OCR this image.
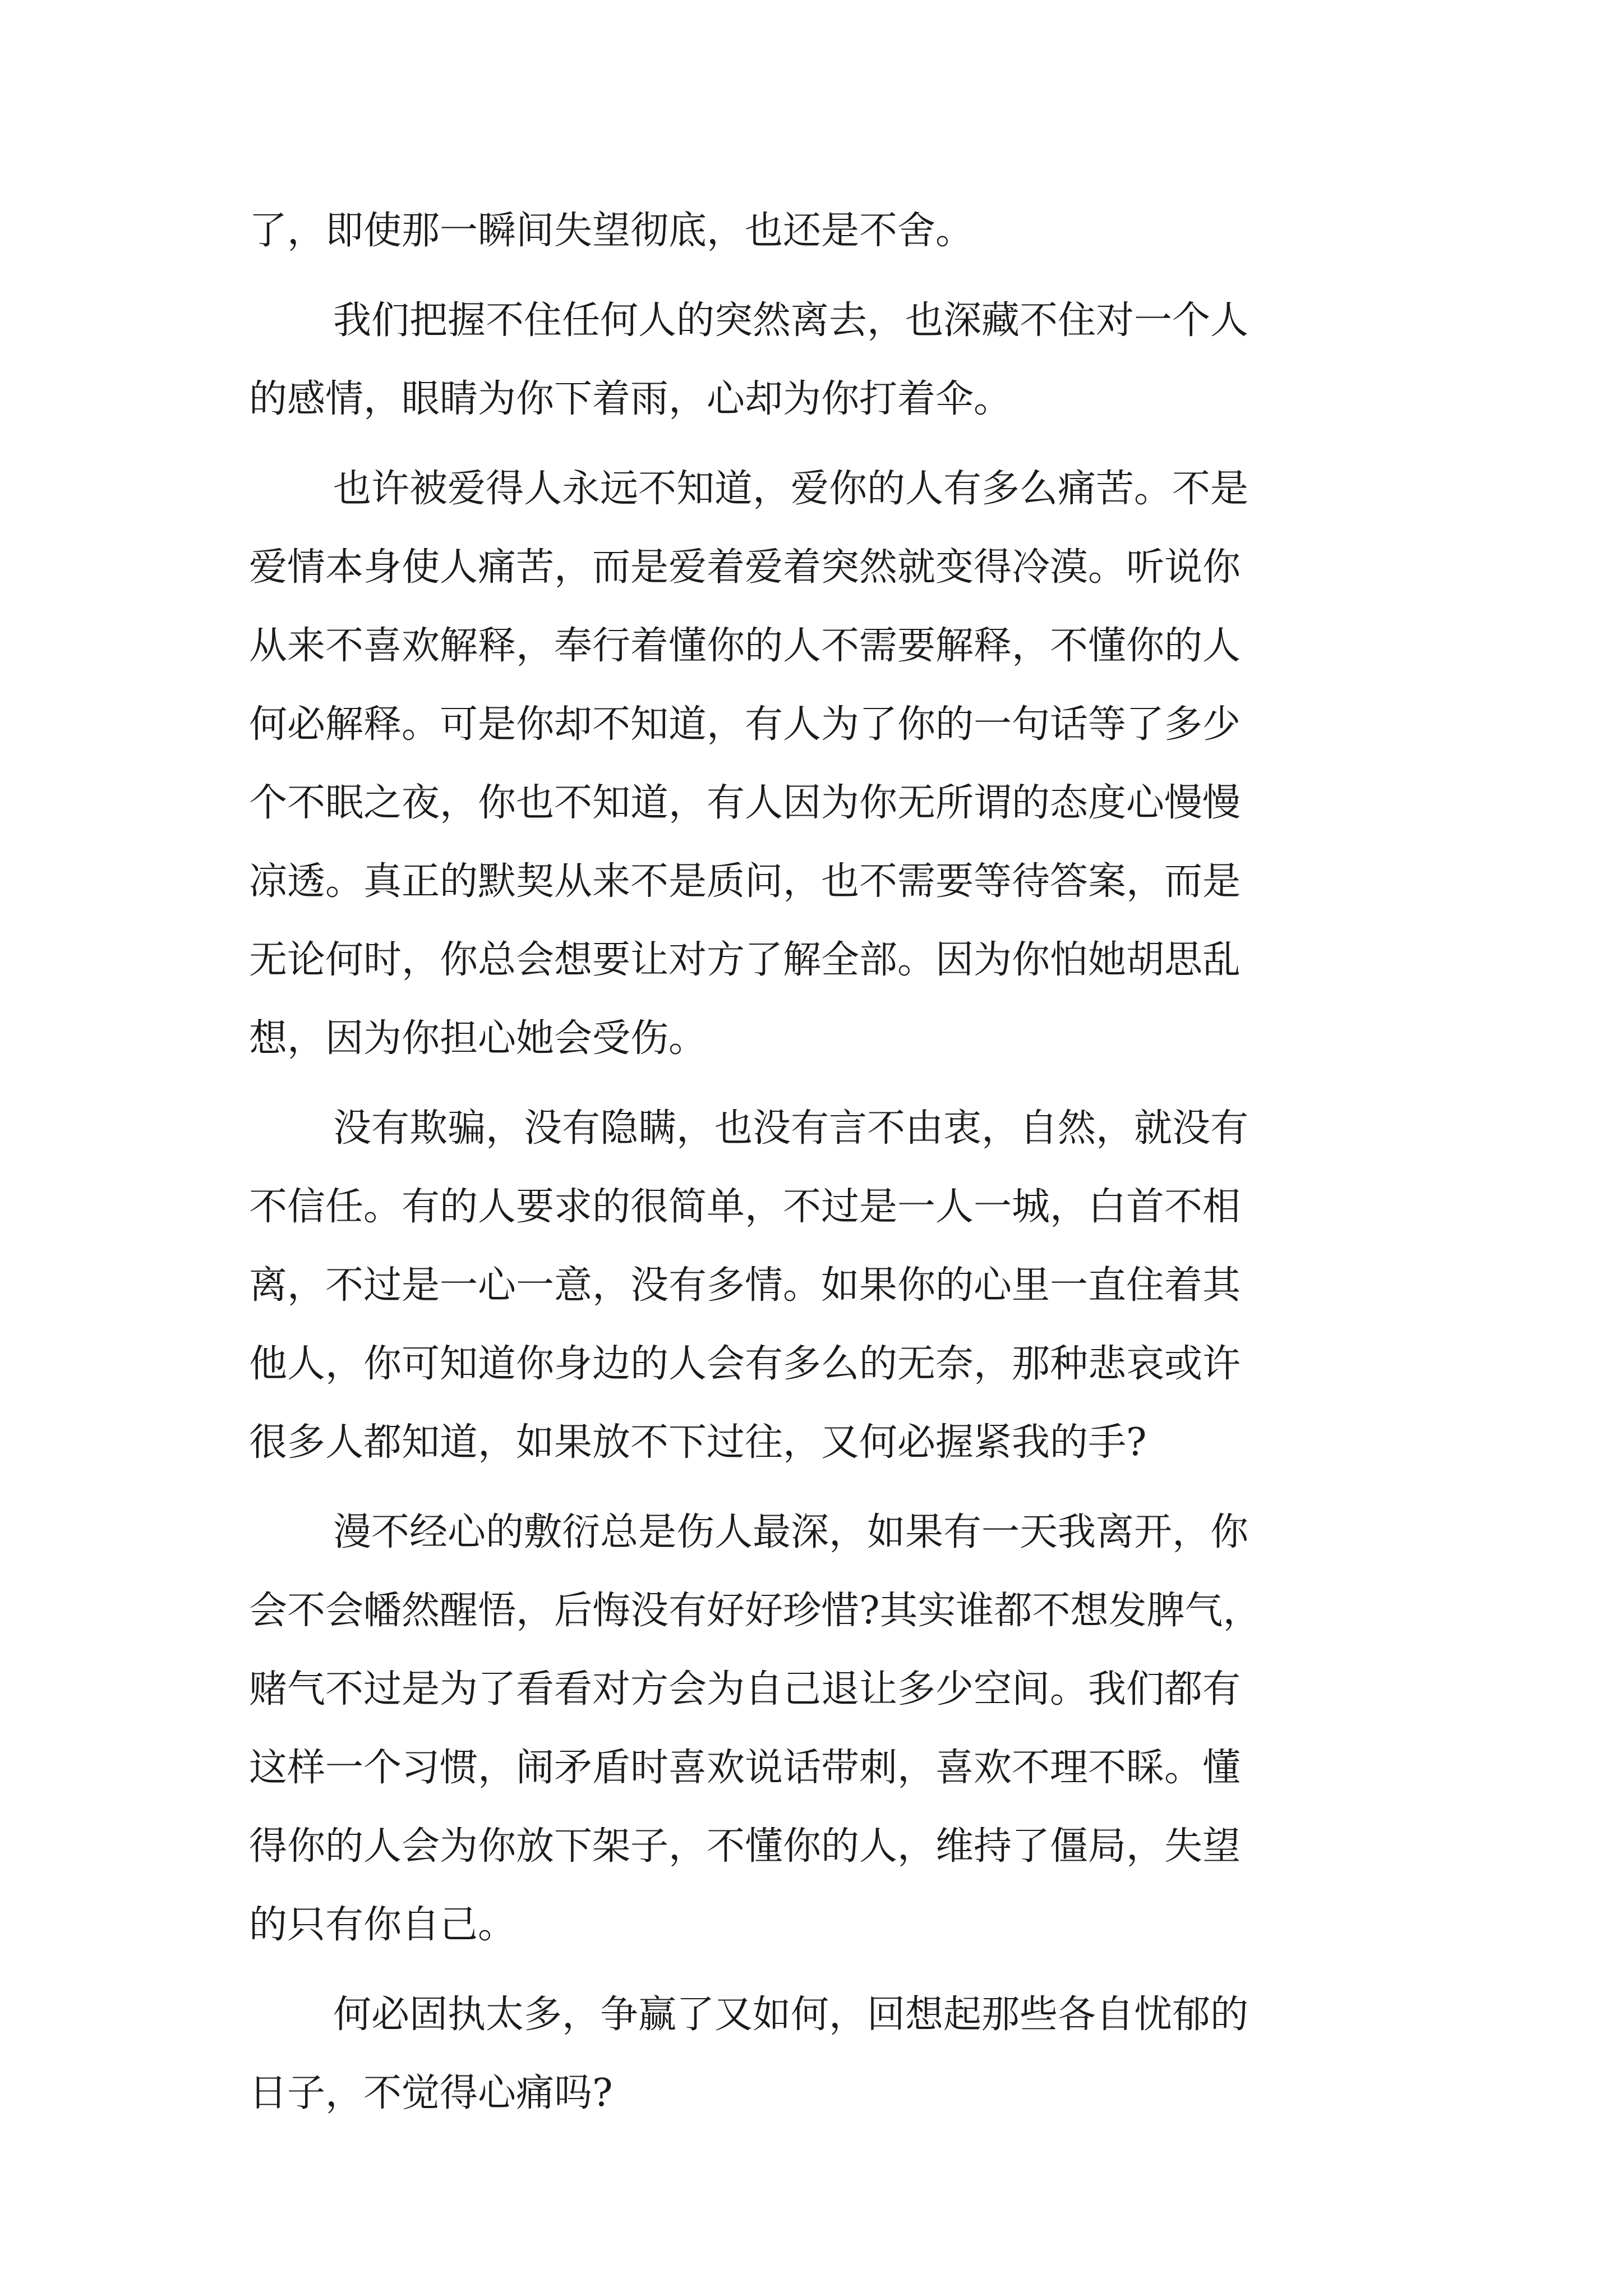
了，即使那一瞬间失望彻底，也还是不舍。
我们把握不住任何人的突然离去，也深藏不住对一个人
的感情，眼睛为你下着雨，心却为你打着伞。
也许被爱得人永远不知道，爱你的人有多么痛苦。不是
爱情本身使人痛苦，而是爱着爱着突然就变得冷漠。听说你
从来不喜欢解释，奉行着懂你的人不需要解释，不懂你的人
何必解释。可是你却不知道，有人为了你的一句话等了多少
个不眠之夜，你也不知道，有人因为你无所谓的态度心慢慢
凉透。真正的默契从来不是质问，也不需要等待答案，而是
无论何时，你总会想要让对方了解全部。因为你怕她胡思乱
想，因为你担心她会受伤。
没有欺骗，没有隐瞒，也没有言不由衷，自然，就没有
不信任。有的人要求的很简单，不过是一人一城，白首不相
离，不过是一心一意，没有多情。如果你的心里一直住着其
他人，你可知道你身边的人会有多么的无奈，那种悲哀或许
很多人都知道，如果放不下过往，又何必握紧我的手?
漫不经心的敷衍总是伤人最深，如果有一天我离开，你
会不会幡然醒悟，后悔没有好好珍惜?其实谁都不想发脾气，
赌气不过是为了看看对方会为自己退让多少空间。我们都有
这样一个习惯，闹矛盾时喜欢说话带刺，喜欢不理不睬。懂
得你的人会为你放下架子，不懂你的人，维持了僵局，失望
的只有你自己。
何必固执太多，争赢了又如何，回想起那些各自忧郁的
日子，不觉得心痛吗?
